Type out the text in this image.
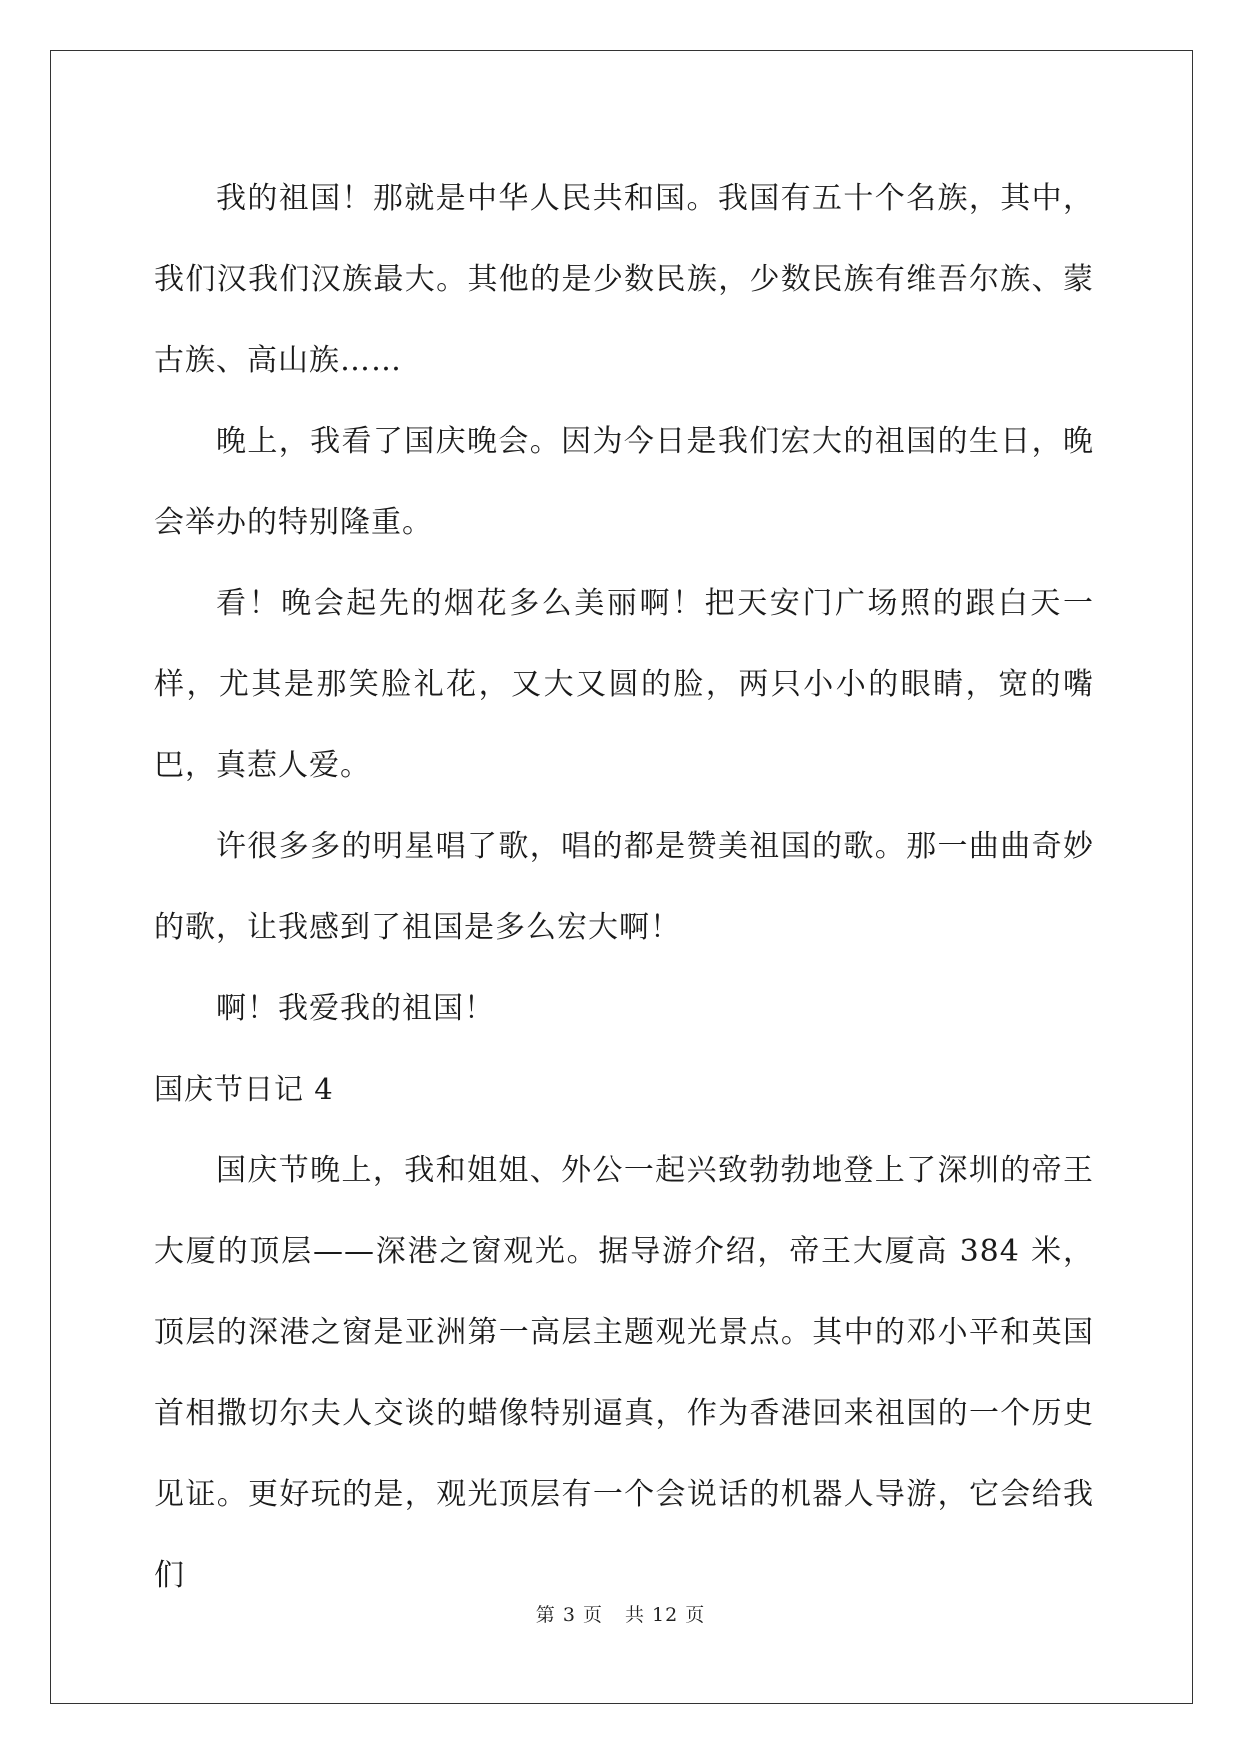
我的祖国！那就是中华人民共和国。我国有五十个名族，其中，我们汉我们汉族最大。其他的是少数民族，少数民族有维吾尔族、蒙古族、高山族……

晚上，我看了国庆晚会。因为今日是我们宏大的祖国的生日，晚会举办的特别隆重。

看！晚会起先的烟花多么美丽啊！把天安门广场照的跟白天一样，尤其是那笑脸礼花，又大又圆的脸，两只小小的眼睛，宽的嘴巴，真惹人爱。

许很多多的明星唱了歌，唱的都是赞美祖国的歌。那一曲曲奇妙的歌，让我感到了祖国是多么宏大啊！

啊！我爱我的祖国！

国庆节日记 4

国庆节晚上，我和姐姐、外公一起兴致勃勃地登上了深圳的帝王大厦的顶层——深港之窗观光。据导游介绍，帝王大厦高 384 米，顶层的深港之窗是亚洲第一高层主题观光景点。其中的邓小平和英国首相撒切尔夫人交谈的蜡像特别逼真，作为香港回来祖国的一个历史见证。更好玩的是，观光顶层有一个会说话的机器人导游，它会给我们

第 3 页 共 12 页
